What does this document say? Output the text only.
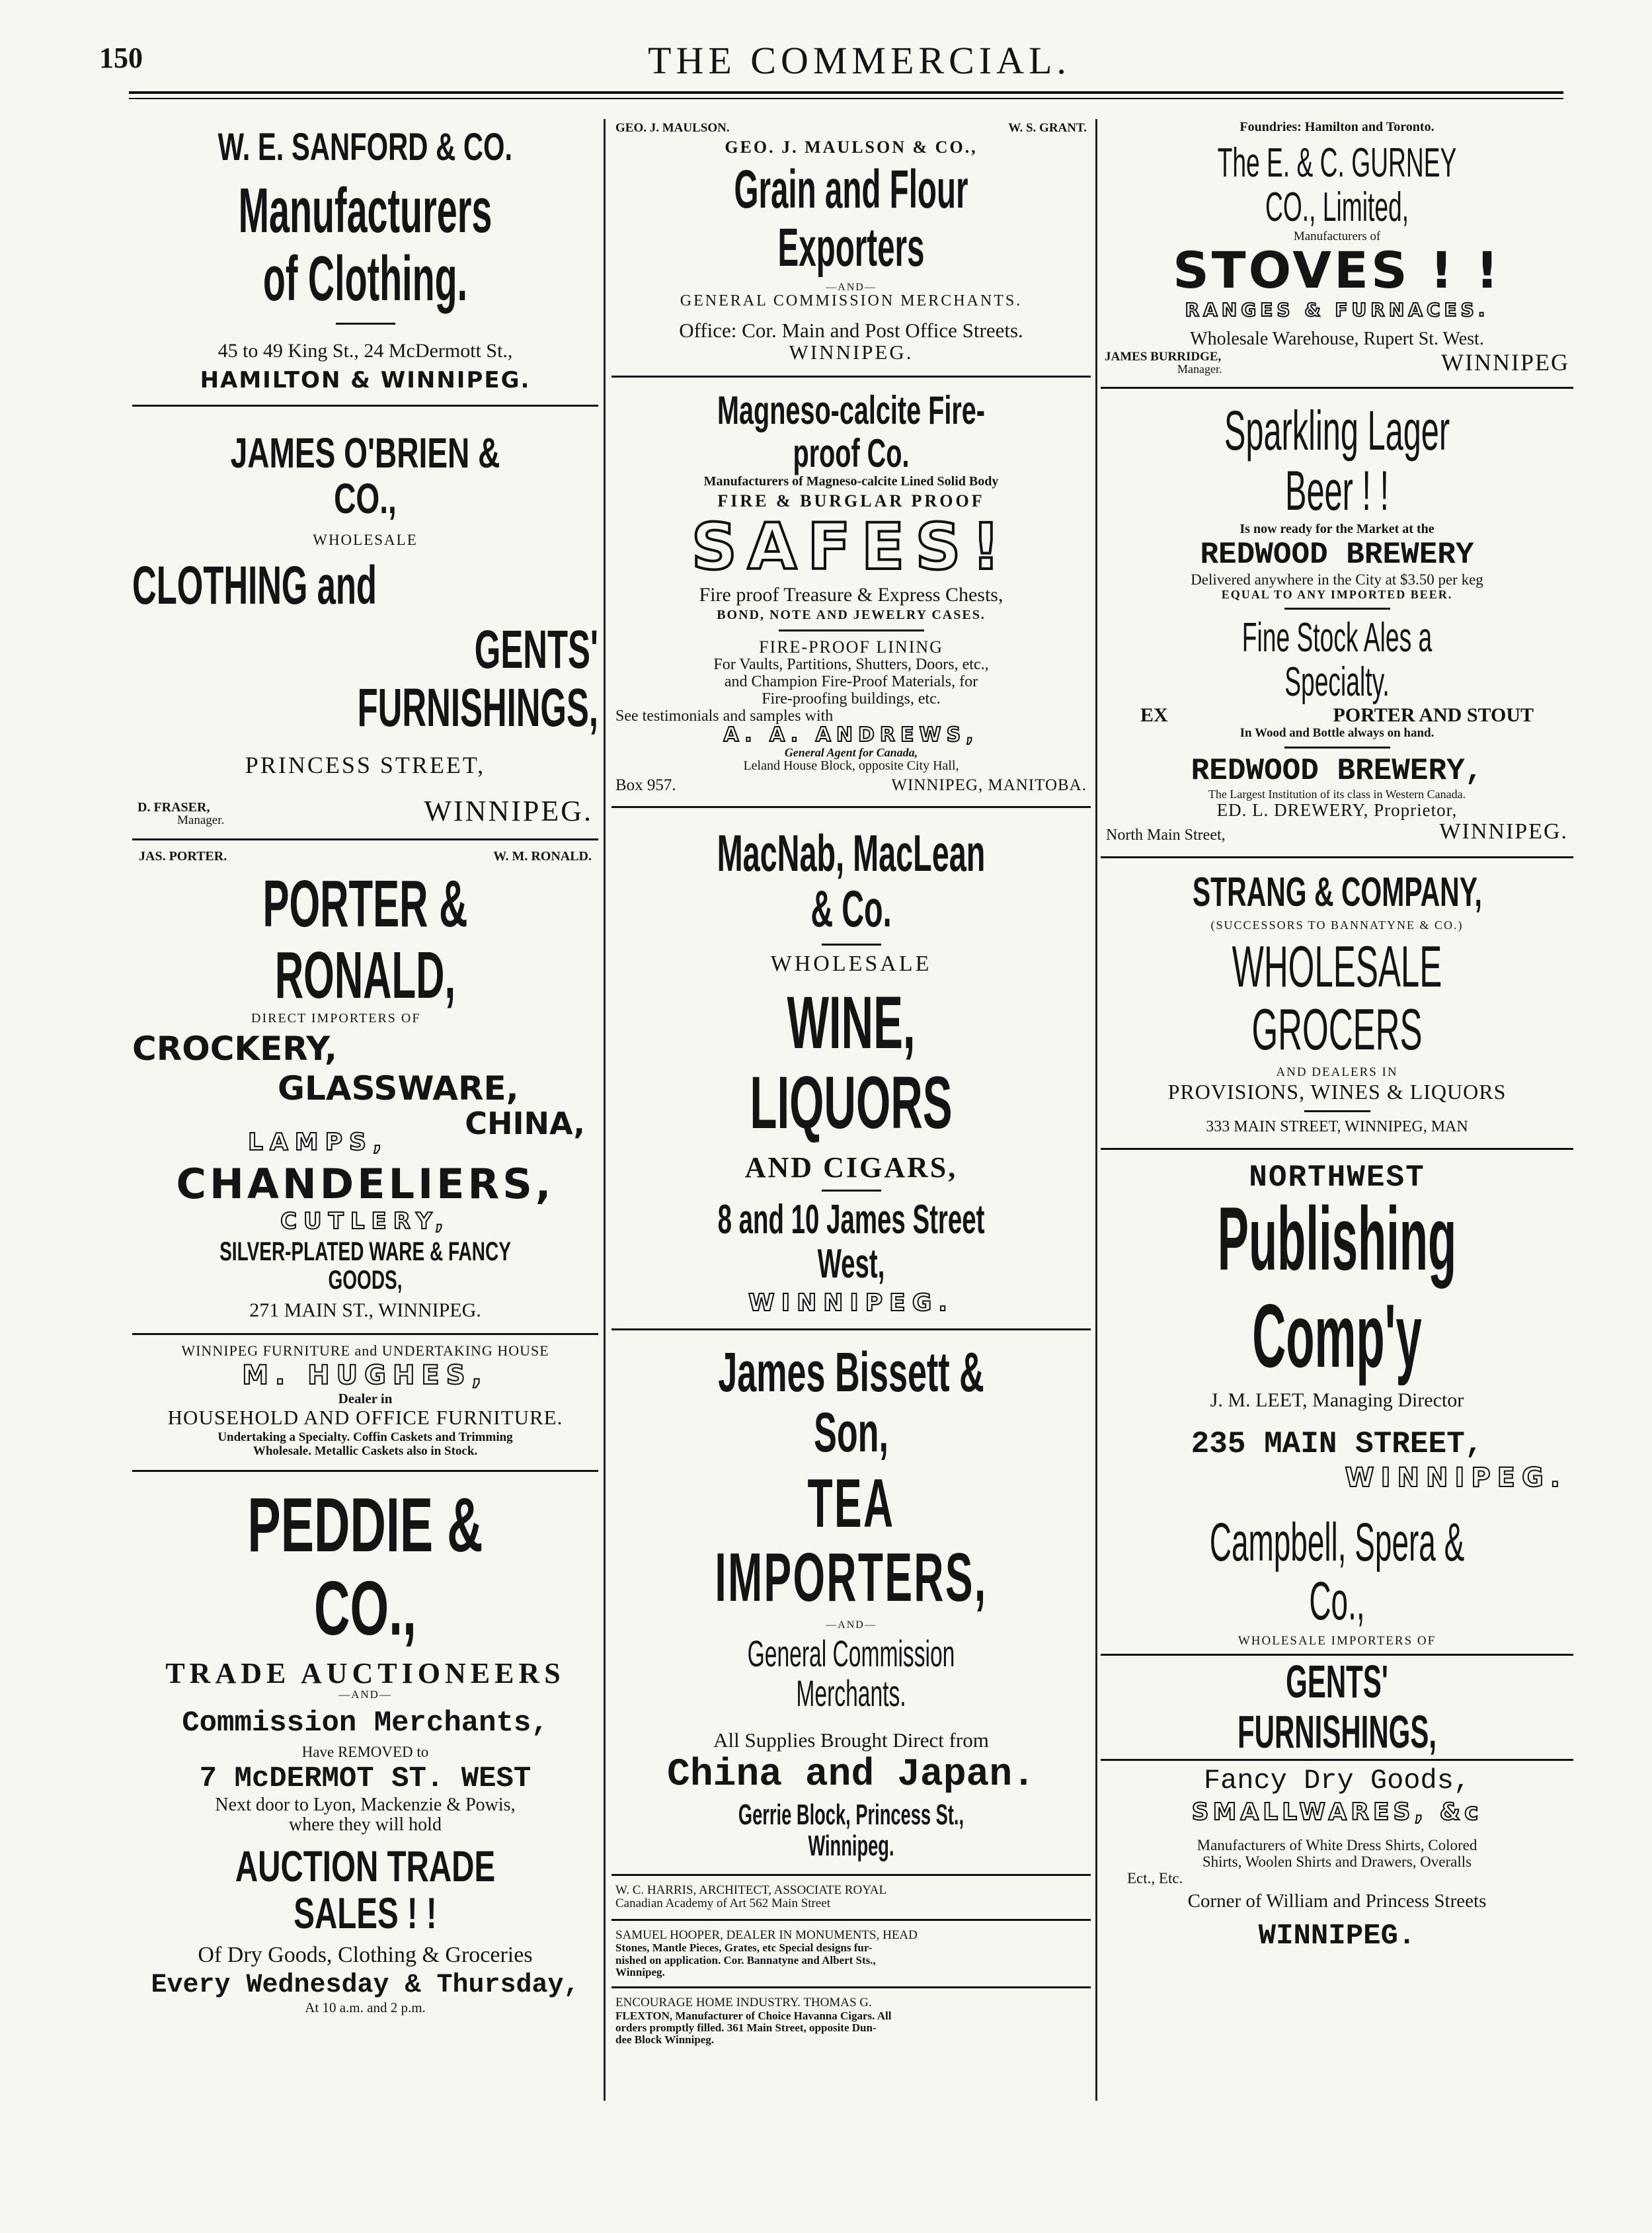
150	THE COMMERCIAL.
W. E. SANFORD & CO.
Manufacturers of Clothing.
45 to 49 King St., 24 McDermott St.,
HAMILTON & WINNIPEG.
JAMES O'BRIEN & CO.,
WHOLESALE
CLOTHING and
GENTS' FURNISHINGS,
PRINCESS STREET,
D. FRASER,
Manager.	WINNIPEG.
JAS. PORTER.	W. M. RONALD.
PORTER & RONALD,
DIRECT IMPORTERS OF
CROCKERY,
GLASSWARE,
CHINA,
LAMPS,
CHANDELIERS,
CUTLERY,
SILVER-PLATED WARE & FANCY GOODS,
271 MAIN ST., WINNIPEG.
WINNIPEG FURNITURE and UNDERTAKING HOUSE
M. HUGHES,
Dealer in
HOUSEHOLD AND OFFICE FURNITURE.
Undertaking a Specialty. Coffin Caskets and Trimming
Wholesale. Metallic Caskets also in Stock.
PEDDIE & CO.,
TRADE AUCTIONEERS
—AND—
Commission Merchants,
Have REMOVED to
7 McDERMOT ST. WEST
Next door to Lyon, Mackenzie & Powis,
where they will hold
AUCTION TRADE SALES ! !
Of Dry Goods, Clothing & Groceries
Every Wednesday & Thursday,
At 10 a.m. and 2 p.m.
GEO. J. MAULSON.	W. S. GRANT.
GEO. J. MAULSON & CO.,
Grain and Flour Exporters
—AND—
GENERAL COMMISSION MERCHANTS.
Office: Cor. Main and Post Office Streets.
WINNIPEG.
Magneso-calcite Fire-proof Co.
Manufacturers of Magneso-calcite Lined Solid Body
FIRE & BURGLAR PROOF
SAFES!
Fire proof Treasure & Express Chests,
BOND, NOTE AND JEWELRY CASES.
FIRE-PROOF LINING
For Vaults, Partitions, Shutters, Doors, etc.,
and Champion Fire-Proof Materials, for
Fire-proofing buildings, etc.
See testimonials and samples with
A. A. ANDREWS,
General Agent for Canada,
Leland House Block, opposite City Hall,
Box 957.	WINNIPEG, MANITOBA.
MacNab, MacLean & Co.
WHOLESALE
WINE, LIQUORS
AND CIGARS,
8 and 10 James Street West,
WINNIPEG.
James Bissett & Son,
TEA IMPORTERS,
—AND—
General Commission Merchants.
All Supplies Brought Direct from
China and Japan.
Gerrie Block, Princess St., Winnipeg.
W. C. HARRIS, ARCHITECT, ASSOCIATE ROYAL
Canadian Academy of Art 562 Main Street
SAMUEL HOOPER, DEALER IN MONUMENTS, HEAD
Stones, Mantle Pieces, Grates, etc Special designs fur-
nished on application. Cor. Bannatyne and Albert Sts.,
Winnipeg.
ENCOURAGE HOME INDUSTRY. THOMAS G.
FLEXTON, Manufacturer of Choice Havanna Cigars. All
orders promptly filled. 361 Main Street, opposite Dun-
dee Block Winnipeg.
Foundries: Hamilton and Toronto.
The E. & C. GURNEY CO., Limited,
Manufacturers of
STOVES ! !
RANGES & FURNACES.
Wholesale Warehouse, Rupert St. West.
JAMES BURRIDGE,
Manager.	WINNIPEG
Sparkling Lager Beer ! !
Is now ready for the Market at the
REDWOOD BREWERY
Delivered anywhere in the City at $3.50 per keg
EQUAL TO ANY IMPORTED BEER.
Fine Stock Ales a Specialty.
EX	PORTER AND STOUT
In Wood and Bottle always on hand.
REDWOOD BREWERY,
The Largest Institution of its class in Western Canada.
ED. L. DREWERY, Proprietor,
North Main Street,	WINNIPEG.
STRANG & COMPANY,
(SUCCESSORS TO BANNATYNE & CO.)
WHOLESALE GROCERS
AND DEALERS IN
PROVISIONS, WINES & LIQUORS
333 MAIN STREET, WINNIPEG, MAN
NORTHWEST
Publishing Comp'y
J. M. LEET, Managing Director
235 MAIN STREET,
WINNIPEG.
Campbell, Spera & Co.,
WHOLESALE IMPORTERS OF
GENTS' FURNISHINGS,
Fancy Dry Goods,
SMALLWARES, &c
Manufacturers of White Dress Shirts, Colored
Shirts, Woolen Shirts and Drawers, Overalls
Ect., Etc.
Corner of William and Princess Streets
WINNIPEG.
